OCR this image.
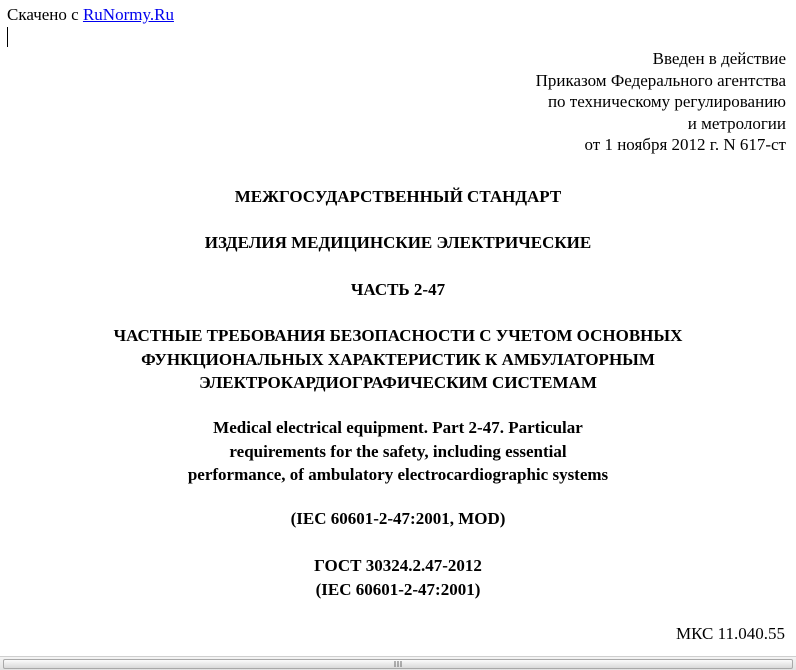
Скачено с RuNormy.Ru
Введен в действие
Приказом Федерального агентства
по техническому регулированию
и метрологии
от 1 ноября 2012 г. N 617-ст
МЕЖГОСУДАРСТВЕННЫЙ СТАНДАРТ
ИЗДЕЛИЯ МЕДИЦИНСКИЕ ЭЛЕКТРИЧЕСКИЕ
ЧАСТЬ 2-47
ЧАСТНЫЕ ТРЕБОВАНИЯ БЕЗОПАСНОСТИ С УЧЕТОМ ОСНОВНЫХ
ФУНКЦИОНАЛЬНЫХ ХАРАКТЕРИСТИК К АМБУЛАТОРНЫМ
ЭЛЕКТРОКАРДИОГРАФИЧЕСКИМ СИСТЕМАМ
Medical electrical equipment. Part 2-47. Particular
requirements for the safety, including essential
performance, of ambulatory electrocardiographic systems
(IEC 60601-2-47:2001, MOD)
ГОСТ 30324.2.47-2012
(IEC 60601-2-47:2001)
МКС 11.040.55
